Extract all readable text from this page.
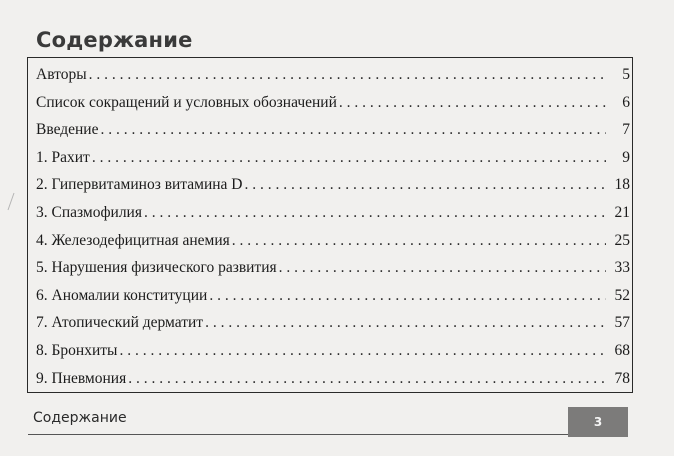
Содержание
Авторы . . .	5
Список сокращений и условных обозначений . . .	6
Введение . . .	7
1. Рахит . . .	9
2. Гипервитаминоз витамина D . . .	18
3. Спазмофилия . . .	21
4. Железодефицитная анемия . . .	25
5. Нарушения физического развития . . .	33
6. Аномалии конституции . . .	52
7. Атопический дерматит . . .	57
8. Бронхиты . . .	68
9. Пневмония . . .	78
Содержание	3
